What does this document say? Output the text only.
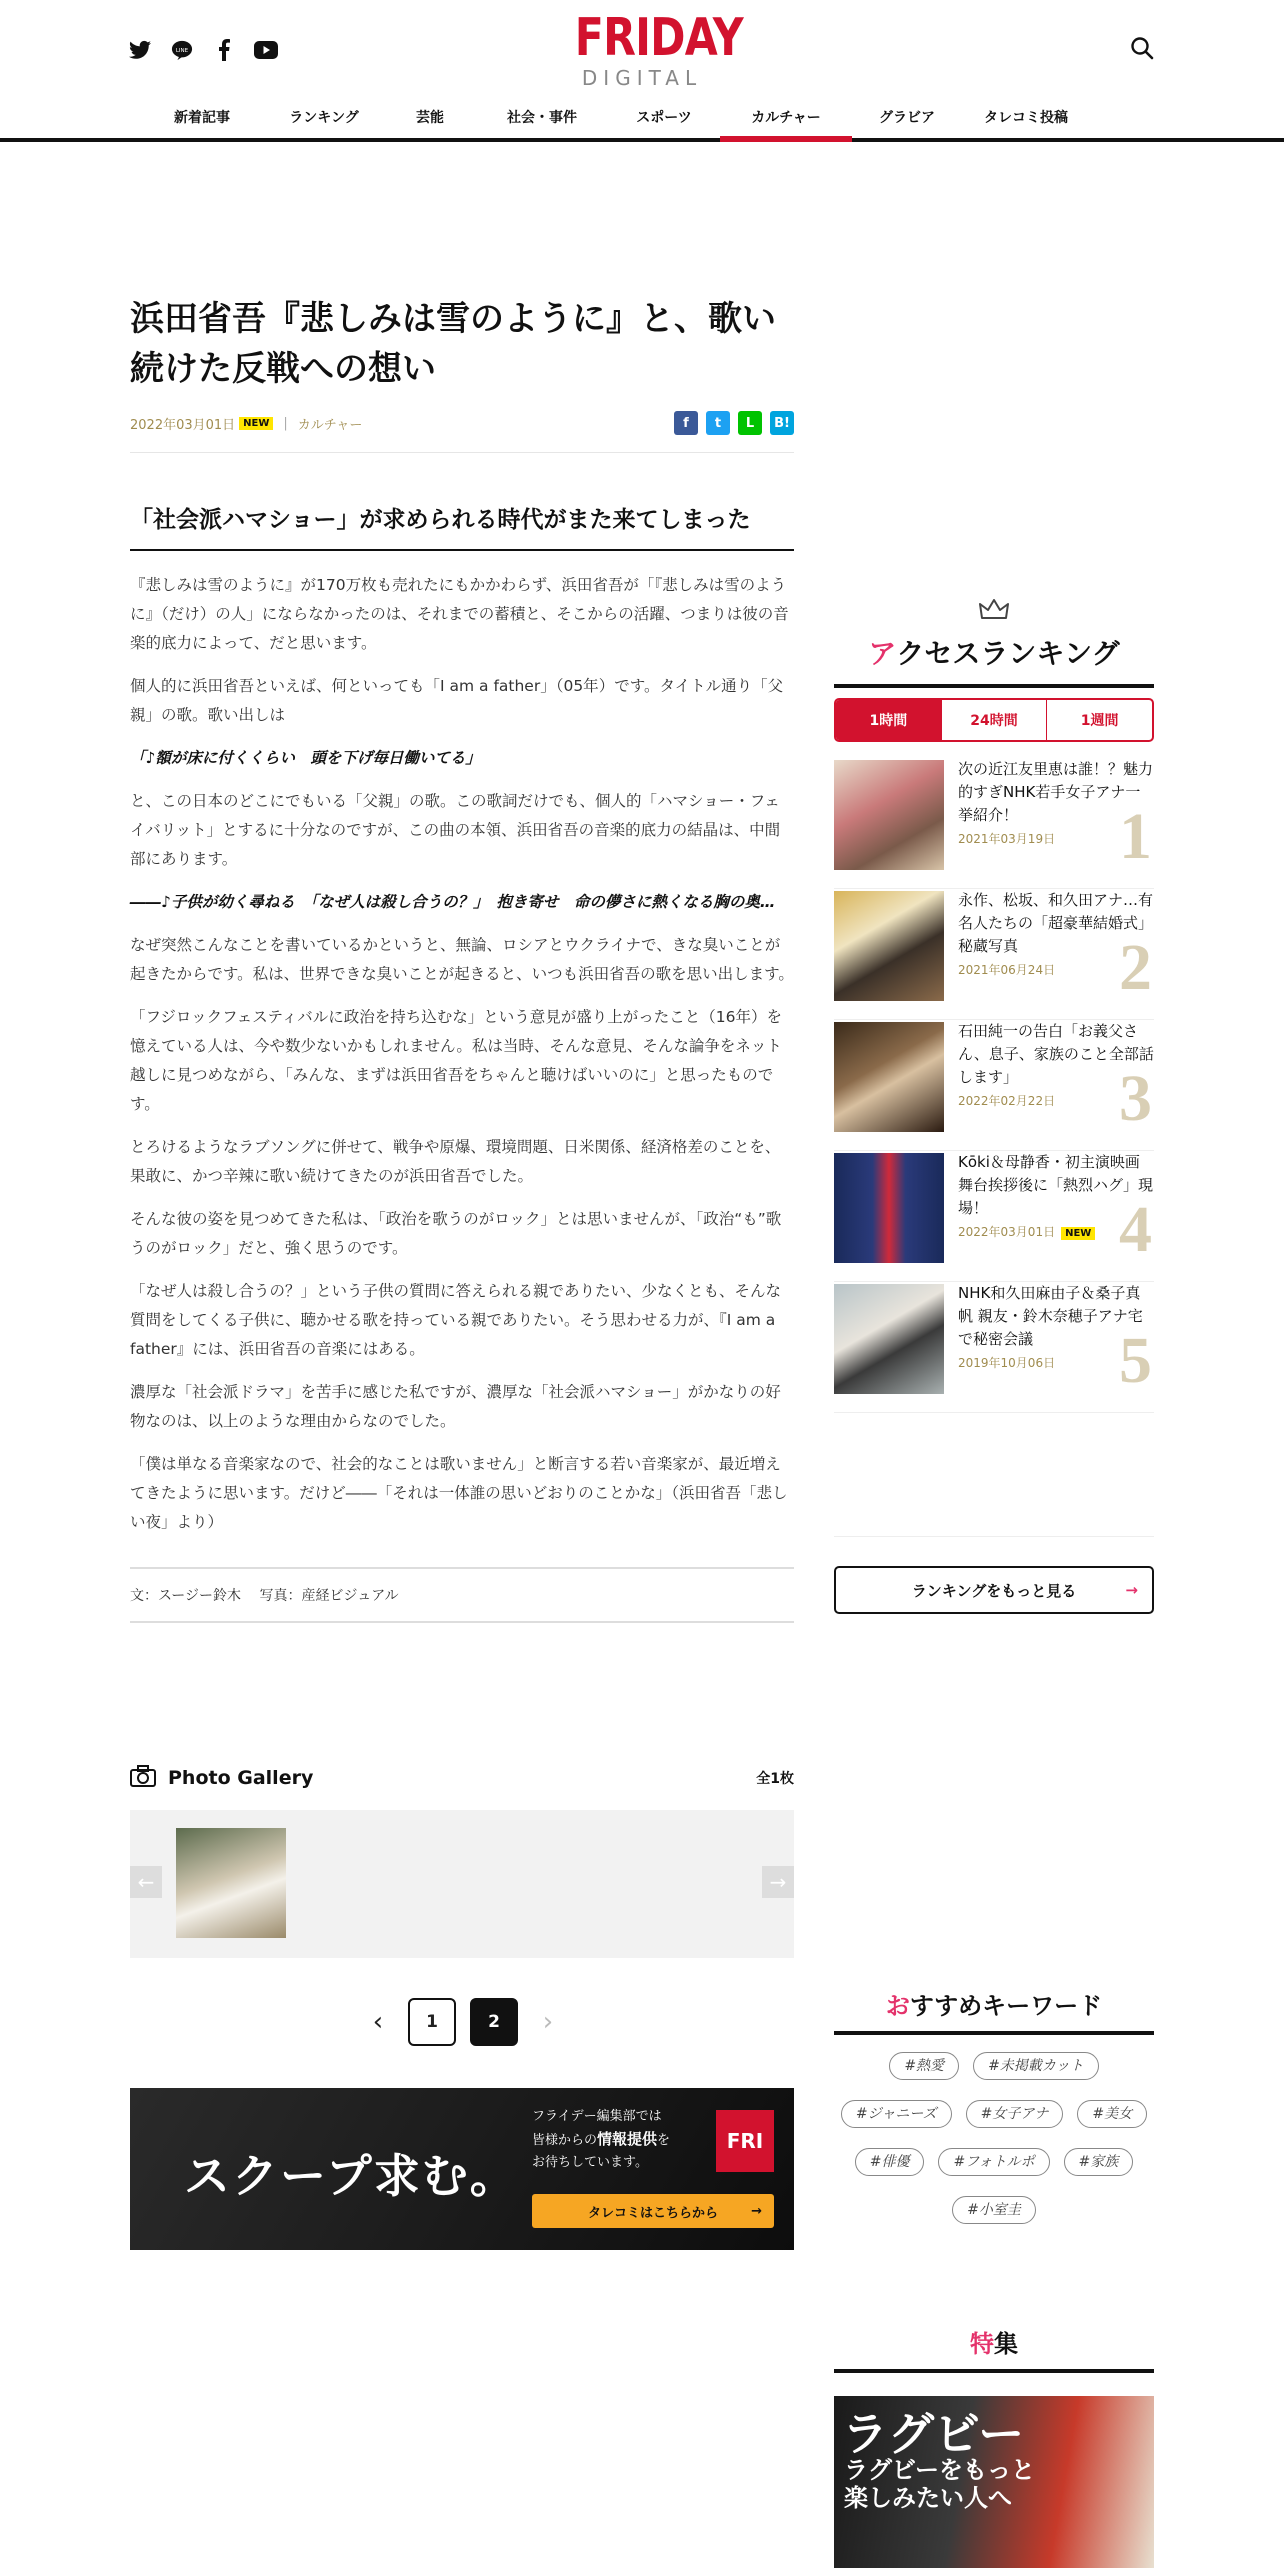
LINE	FRIDAY
DIGITAL
新着記事	ランキング	芸能	社会・事件	スポーツ	カルチャー	グラビア	タレコミ投稿
浜田省吾『悲しみは雪のように』と、歌い続けた反戦への想い
2022年03月01日 NEW	| カルチャー	f	t	L	B!
「社会派ハマショー」が求められる時代がまた来てしまった

『悲しみは雪のように』が170万枚も売れたにもかかわらず、浜田省吾が「『悲しみは雪のように』（だけ）の人」にならなかったのは、それまでの蓄積と、そこからの活躍、つまりは彼の音楽的底力によって、だと思います。

個人的に浜田省吾といえば、何といっても「I am a father」（05年）です。タイトル通り「父親」の歌。歌い出しは

「♪額が床に付くくらい　頭を下げ毎日働いてる」

と、この日本のどこにでもいる「父親」の歌。この歌詞だけでも、個人的「ハマショー・フェイバリット」とするに十分なのですが、この曲の本領、浜田省吾の音楽的底力の結晶は、中間部にあります。

――♪子供が幼く尋ねる　「なぜ人は殺し合うの？」　抱き寄せ　命の儚さに熱くなる胸の奥…

なぜ突然こんなことを書いているかというと、無論、ロシアとウクライナで、きな臭いことが起きたからです。私は、世界できな臭いことが起きると、いつも浜田省吾の歌を思い出します。

「フジロックフェスティバルに政治を持ち込むな」という意見が盛り上がったこと（16年）を憶えている人は、今や数少ないかもしれません。私は当時、そんな意見、そんな論争をネット越しに見つめながら、「みんな、まずは浜田省吾をちゃんと聴けばいいのに」と思ったものです。

とろけるようなラブソングに併せて、戦争や原爆、環境問題、日米関係、経済格差のことを、果敢に、かつ辛辣に歌い続けてきたのが浜田省吾でした。

そんな彼の姿を見つめてきた私は、「政治を歌うのがロック」とは思いませんが、「政治“も”歌うのがロック」だと、強く思うのです。

「なぜ人は殺し合うの？」という子供の質問に答えられる親でありたい、少なくとも、そんな質問をしてくる子供に、聴かせる歌を持っている親でありたい。そう思わせる力が、『I am a father』には、浜田省吾の音楽にはある。

濃厚な「社会派ドラマ」を苦手に感じた私ですが、濃厚な「社会派ハマショー」がかなりの好物なのは、以上のような理由からなのでした。

「僕は単なる音楽家なので、社会的なことは歌いません」と断言する若い音楽家が、最近増えてきたように思います。だけど――「それは一体誰の思いどおりのことかな」（浜田省吾「悲しい夜」より）

文：スージー鈴木　 写真：産経ビジュアル
Photo Gallery	全1枚
←	→
‹	1	2	›
スクープ求む。
フライデー編集部では
皆様からの情報提供を
お待ちしています。
FRI
タレコミはこちらから	→
アクセスランキング
1時間	24時間	1週間
次の近江友里恵は誰！？魅力的すぎNHK若手女子アナ一挙紹介！
2021年03月19日 1
永作、松坂、和久田アナ…有名人たちの「超豪華結婚式」秘蔵写真
2021年06月24日 2
石田純一の告白「お義父さん、息子、家族のこと全部話します」
2022年02月22日 3
Kōki＆母静香・初主演映画舞台挨拶後に「熱烈ハグ」現場！
2022年03月01日 NEW 4
NHK和久田麻由子＆桑子真帆 親友・鈴木奈穂子アナ宅で秘密会議
2019年10月06日 5
ランキングをもっと見る	→
おすすめキーワード
#熱愛	#未掲載カット
#ジャニーズ	#女子アナ	#美女
#俳優	#フォトルポ	#家族
#小室圭
特集
ラグビー
ラグビーをもっと楽しみたい人へ
